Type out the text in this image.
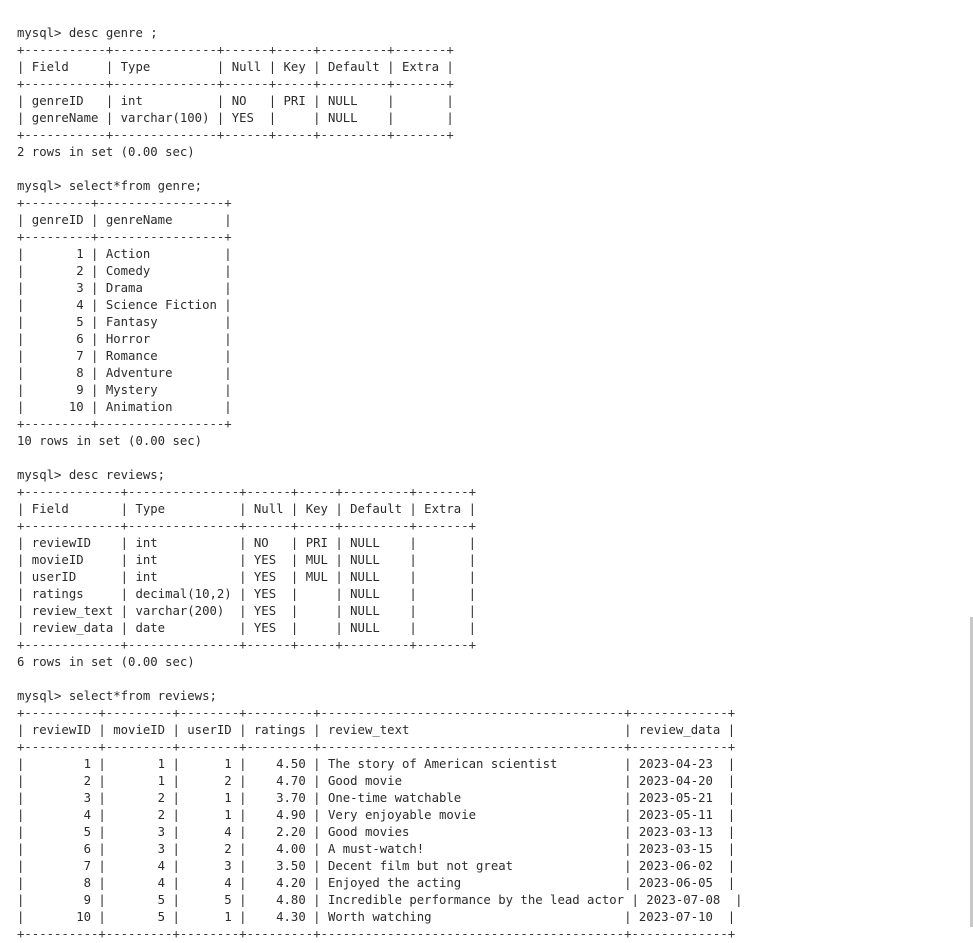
mysql> desc genre ;
+-----------+--------------+------+-----+---------+-------+
| Field     | Type         | Null | Key | Default | Extra |
+-----------+--------------+------+-----+---------+-------+
| genreID   | int          | NO   | PRI | NULL    |       |
| genreName | varchar(100) | YES  |     | NULL    |       |
+-----------+--------------+------+-----+---------+-------+
2 rows in set (0.00 sec)
mysql> select*from genre;
+---------+-----------------+
| genreID | genreName       |
+---------+-----------------+
|       1 | Action          |
|       2 | Comedy          |
|       3 | Drama           |
|       4 | Science Fiction |
|       5 | Fantasy         |
|       6 | Horror          |
|       7 | Romance         |
|       8 | Adventure       |
|       9 | Mystery         |
|      10 | Animation       |
+---------+-----------------+
10 rows in set (0.00 sec)
mysql> desc reviews;
+-------------+---------------+------+-----+---------+-------+
| Field       | Type          | Null | Key | Default | Extra |
+-------------+---------------+------+-----+---------+-------+
| reviewID    | int           | NO   | PRI | NULL    |       |
| movieID     | int           | YES  | MUL | NULL    |       |
| userID      | int           | YES  | MUL | NULL    |       |
| ratings     | decimal(10,2) | YES  |     | NULL    |       |
| review_text | varchar(200)  | YES  |     | NULL    |       |
| review_data | date          | YES  |     | NULL    |       |
+-------------+---------------+------+-----+---------+-------+
6 rows in set (0.00 sec)
mysql> select*from reviews;
+----------+---------+--------+---------+-----------------------------------------+-------------+
| reviewID | movieID | userID | ratings | review_text                             | review_data |
+----------+---------+--------+---------+-----------------------------------------+-------------+
|        1 |       1 |      1 |    4.50 | The story of American scientist         | 2023-04-23  |
|        2 |       1 |      2 |    4.70 | Good movie                              | 2023-04-20  |
|        3 |       2 |      1 |    3.70 | One-time watchable                      | 2023-05-21  |
|        4 |       2 |      1 |    4.90 | Very enjoyable movie                    | 2023-05-11  |
|        5 |       3 |      4 |    2.20 | Good movies                             | 2023-03-13  |
|        6 |       3 |      2 |    4.00 | A must-watch!                           | 2023-03-15  |
|        7 |       4 |      3 |    3.50 | Decent film but not great               | 2023-06-02  |
|        8 |       4 |      4 |    4.20 | Enjoyed the acting                      | 2023-06-05  |
|        9 |       5 |      5 |    4.80 | Incredible performance by the lead actor | 2023-07-08  |
|       10 |       5 |      1 |    4.30 | Worth watching                          | 2023-07-10  |
+----------+---------+--------+---------+-----------------------------------------+-------------+
